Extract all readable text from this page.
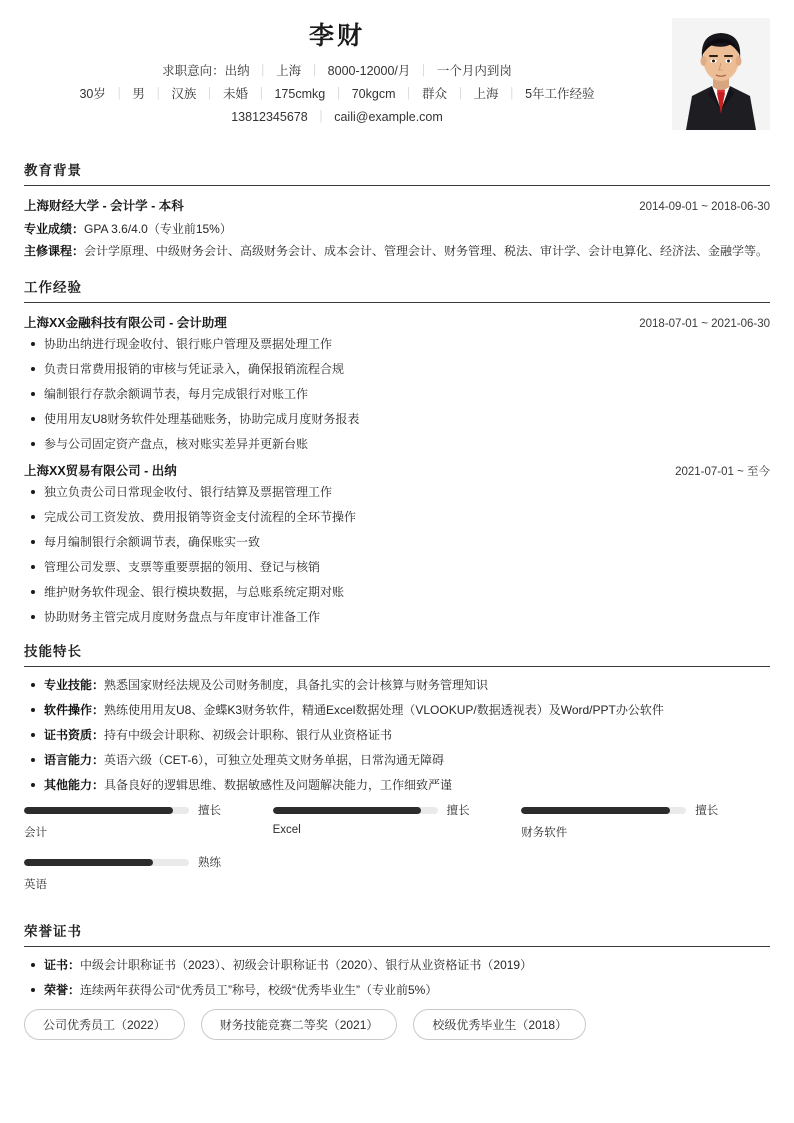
李财
求职意向：出纳 ｜ 上海 ｜ 8000-12000/月 ｜ 一个月内到岗
30岁 ｜ 男 ｜ 汉族 ｜ 未婚 ｜ 175cmkg ｜ 70kgcm ｜ 群众 ｜ 上海 ｜ 5年工作经验
13812345678 ｜ caili@example.com
教育背景
上海财经大学 - 会计学 - 本科	2014-09-01 ~ 2018-06-30
专业成绩：GPA 3.6/4.0（专业前15%）
主修课程：会计学原理、中级财务会计、高级财务会计、成本会计、管理会计、财务管理、税法、审计学、会计电算化、经济法、金融学等。
工作经验
上海XX金融科技有限公司 - 会计助理	2018-07-01 ~ 2021-06-30
协助出纳进行现金收付、银行账户管理及票据处理工作
负责日常费用报销的审核与凭证录入，确保报销流程合规
编制银行存款余额调节表，每月完成银行对账工作
使用用友U8财务软件处理基础账务，协助完成月度财务报表
参与公司固定资产盘点，核对账实差异并更新台账
上海XX贸易有限公司 - 出纳	2021-07-01 ~ 至今
独立负责公司日常现金收付、银行结算及票据管理工作
完成公司工资发放、费用报销等资金支付流程的全环节操作
每月编制银行余额调节表，确保账实一致
管理公司发票、支票等重要票据的领用、登记与核销
维护财务软件现金、银行模块数据，与总账系统定期对账
协助财务主管完成月度财务盘点与年度审计准备工作
技能特长
专业技能：熟悉国家财经法规及公司财务制度，具备扎实的会计核算与财务管理知识
软件操作：熟练使用用友U8、金蝶K3财务软件，精通Excel数据处理（VLOOKUP/数据透视表）及Word/PPT办公软件
证书资质：持有中级会计职称、初级会计职称、银行从业资格证书
语言能力：英语六级（CET-6），可独立处理英文财务单据，日常沟通无障碍
其他能力：具备良好的逻辑思维、数据敏感性及问题解决能力，工作细致严谨
擅长
会计
擅长
Excel
擅长
财务软件
熟练
英语
荣誉证书
证书：中级会计职称证书（2023）、初级会计职称证书（2020）、银行从业资格证书（2019）
荣誉：连续两年获得公司“优秀员工”称号，校级“优秀毕业生”（专业前5%）
公司优秀员工（2022）	财务技能竞赛二等奖（2021）	校级优秀毕业生（2018）
